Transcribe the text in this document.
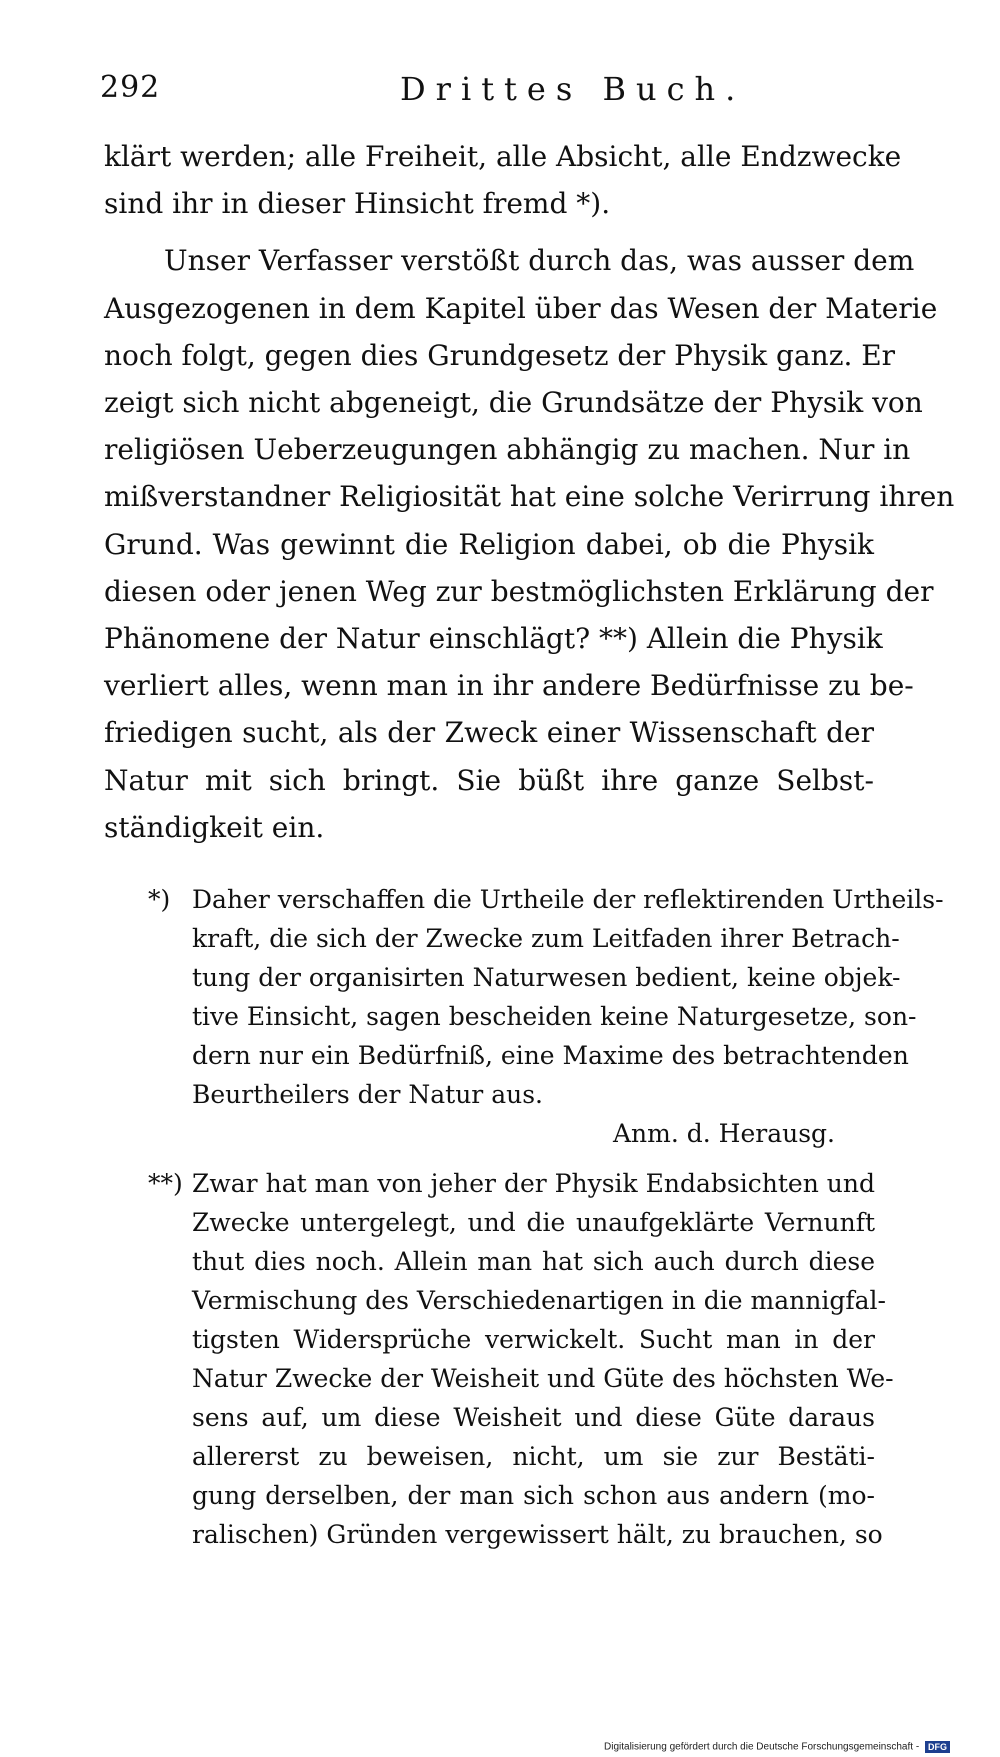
292	Drittes Buch.
klärt werden; alle Freiheit, alle Absicht, alle Endzwecke
sind ihr in dieser Hinsicht fremd *).
Unser Verfasser verstößt durch das, was ausser dem
Ausgezogenen in dem Kapitel über das Wesen der Materie
noch folgt, gegen dies Grundgesetz der Physik ganz. Er
zeigt sich nicht abgeneigt, die Grundsätze der Physik von
religiösen Ueberzeugungen abhängig zu machen. Nur in
mißverstandner Religiosität hat eine solche Verirrung ihren
Grund. Was gewinnt die Religion dabei, ob die Physik
diesen oder jenen Weg zur bestmöglichsten Erklärung der
Phänomene der Natur einschlägt? **) Allein die Physik
verliert alles, wenn man in ihr andere Bedürfnisse zu be-
friedigen sucht, als der Zweck einer Wissenschaft der
Natur mit sich bringt. Sie büßt ihre ganze Selbst-
ständigkeit ein.
*) Daher verschaffen die Urtheile der reflektirenden Urtheils-
kraft, die sich der Zwecke zum Leitfaden ihrer Betrach-
tung der organisirten Naturwesen bedient, keine objek-
tive Einsicht, sagen bescheiden keine Naturgesetze, son-
dern nur ein Bedürfniß, eine Maxime des betrachtenden
Beurtheilers der Natur aus.
Anm. d. Herausg.
**) Zwar hat man von jeher der Physik Endabsichten und
Zwecke untergelegt, und die unaufgeklärte Vernunft
thut dies noch. Allein man hat sich auch durch diese
Vermischung des Verschiedenartigen in die mannigfal-
tigsten Widersprüche verwickelt. Sucht man in der
Natur Zwecke der Weisheit und Güte des höchsten We-
sens auf, um diese Weisheit und diese Güte daraus
allererst zu beweisen, nicht, um sie zur Bestäti-
gung derselben, der man sich schon aus andern (mo-
ralischen) Gründen vergewissert hält, zu brauchen, so
Digitalisierung gefördert durch die Deutsche Forschungsgemeinschaft - DFG
